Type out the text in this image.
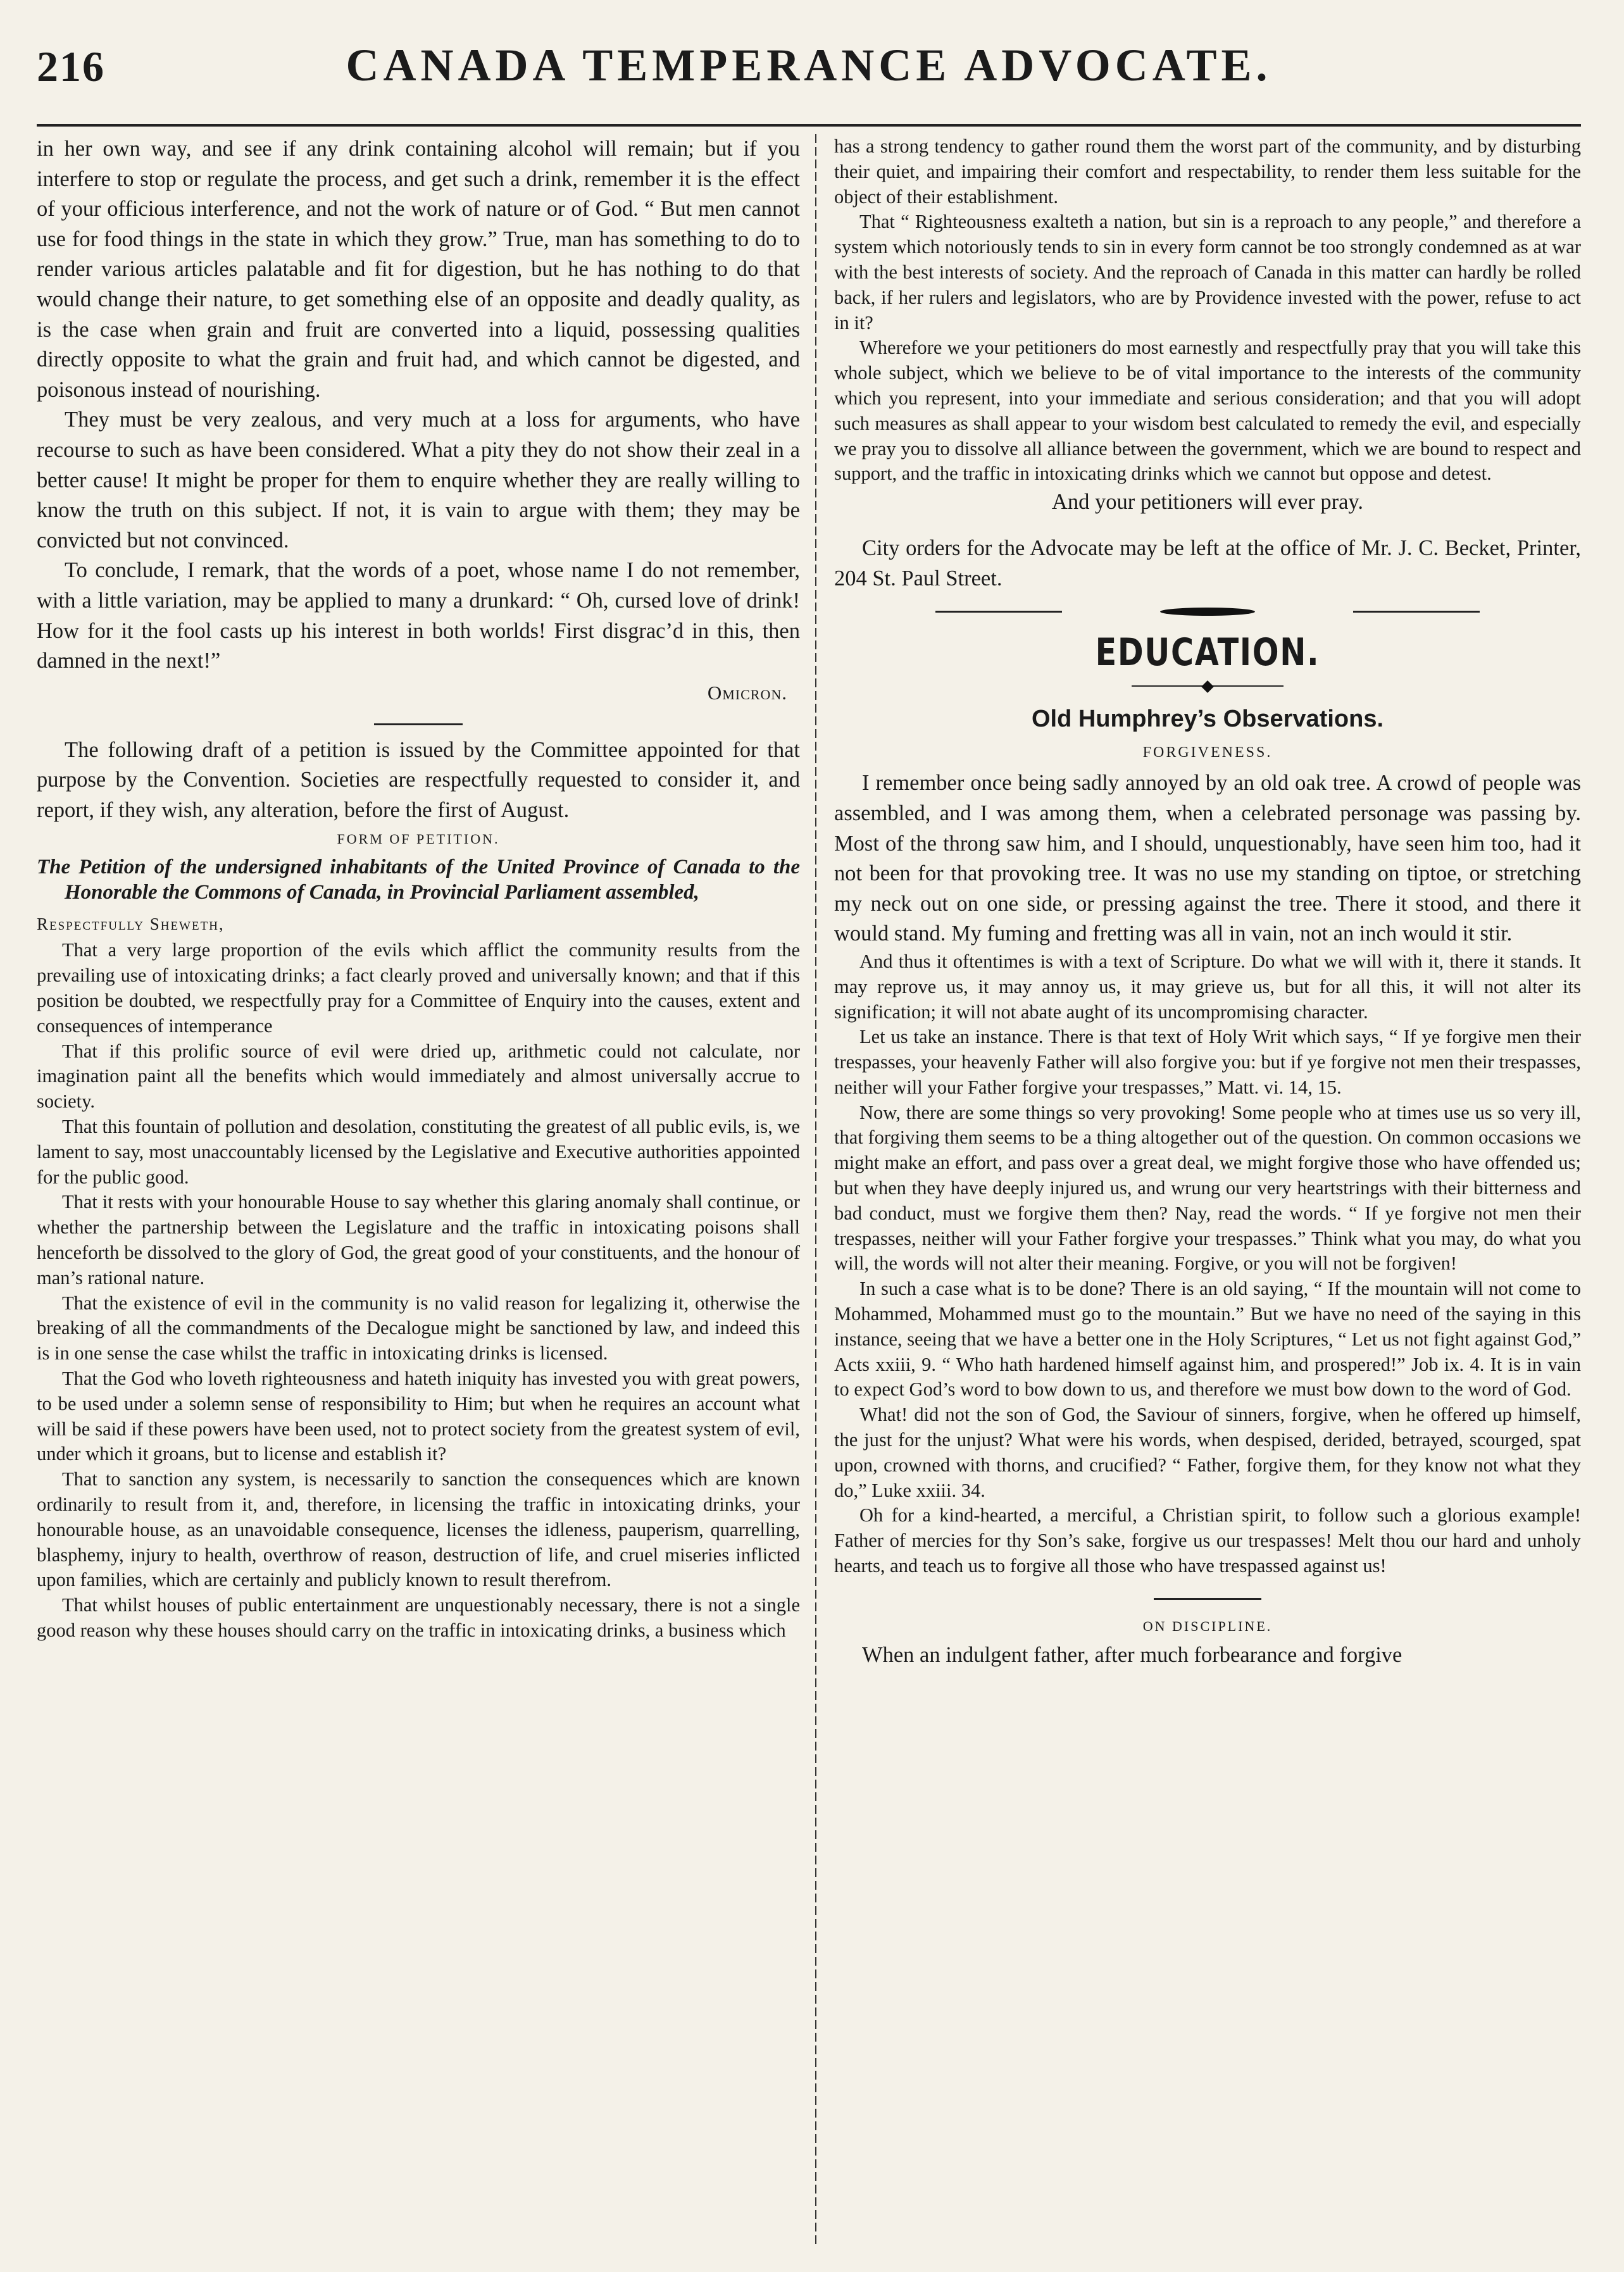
216	CANADA TEMPERANCE ADVOCATE.

in her own way, and see if any drink containing alcohol will remain; but if you interfere to stop or regulate the process, and get such a drink, remember it is the effect of your officious interference, and not the work of nature or of God. “ But men cannot use for food things in the state in which they grow.” True, man has something to do to render various articles palatable and fit for digestion, but he has nothing to do that would change their nature, to get something else of an opposite and deadly quality, as is the case when grain and fruit are converted into a liquid, possessing qualities directly opposite to what the grain and fruit had, and which cannot be digested, and poisonous instead of nourishing.

They must be very zealous, and very much at a loss for arguments, who have recourse to such as have been considered. What a pity they do not show their zeal in a better cause! It might be proper for them to enquire whether they are really willing to know the truth on this subject. If not, it is vain to argue with them; they may be convicted but not convinced.

To conclude, I remark, that the words of a poet, whose name I do not remember, with a little variation, may be applied to many a drunkard: “ Oh, cursed love of drink! How for it the fool casts up his interest in both worlds! First disgrac’d in this, then damned in the next!”

Omicron.

The following draft of a petition is issued by the Committee appointed for that purpose by the Convention. Societies are respectfully requested to consider it, and report, if they wish, any alteration, before the first of August.

FORM OF PETITION.

The Petition of the undersigned inhabitants of the United Province of Canada to the Honorable the Commons of Canada, in Provincial Parliament assembled,

Respectfully Sheweth,

That a very large proportion of the evils which afflict the community results from the prevailing use of intoxicating drinks; a fact clearly proved and universally known; and that if this position be doubted, we respectfully pray for a Committee of Enquiry into the causes, extent and consequences of intemperance

That if this prolific source of evil were dried up, arithmetic could not calculate, nor imagination paint all the benefits which would immediately and almost universally accrue to society.

That this fountain of pollution and desolation, constituting the greatest of all public evils, is, we lament to say, most unaccountably licensed by the Legislative and Executive authorities appointed for the public good.

That it rests with your honourable House to say whether this glaring anomaly shall continue, or whether the partnership between the Legislature and the traffic in intoxicating poisons shall henceforth be dissolved to the glory of God, the great good of your constituents, and the honour of man’s rational nature.

That the existence of evil in the community is no valid reason for legalizing it, otherwise the breaking of all the commandments of the Decalogue might be sanctioned by law, and indeed this is in one sense the case whilst the traffic in intoxicating drinks is licensed.

That the God who loveth righteousness and hateth iniquity has invested you with great powers, to be used under a solemn sense of responsibility to Him; but when he requires an account what will be said if these powers have been used, not to protect society from the greatest system of evil, under which it groans, but to license and establish it?

That to sanction any system, is necessarily to sanction the consequences which are known ordinarily to result from it, and, therefore, in licensing the traffic in intoxicating drinks, your honourable house, as an unavoidable consequence, licenses the idleness, pauperism, quarrelling, blasphemy, injury to health, overthrow of reason, destruction of life, and cruel miseries inflicted upon families, which are certainly and publicly known to result therefrom.

That whilst houses of public entertainment are unquestionably necessary, there is not a single good reason why these houses should carry on the traffic in intoxicating drinks, a business which

has a strong tendency to gather round them the worst part of the community, and by disturbing their quiet, and impairing their comfort and respectability, to render them less suitable for the object of their establishment.

That “ Righteousness exalteth a nation, but sin is a reproach to any people,” and therefore a system which notoriously tends to sin in every form cannot be too strongly condemned as at war with the best interests of society. And the reproach of Canada in this matter can hardly be rolled back, if her rulers and legislators, who are by Providence invested with the power, refuse to act in it?

Wherefore we your petitioners do most earnestly and respectfully pray that you will take this whole subject, which we believe to be of vital importance to the interests of the community which you represent, into your immediate and serious consideration; and that you will adopt such measures as shall appear to your wisdom best calculated to remedy the evil, and especially we pray you to dissolve all alliance between the government, which we are bound to respect and support, and the traffic in intoxicating drinks which we cannot but oppose and detest.

And your petitioners will ever pray.

City orders for the Advocate may be left at the office of Mr. J. C. Becket, Printer, 204 St. Paul Street.

EDUCATION.

Old Humphrey’s Observations.

FORGIVENESS.

I remember once being sadly annoyed by an old oak tree. A crowd of people was assembled, and I was among them, when a celebrated personage was passing by. Most of the throng saw him, and I should, unquestionably, have seen him too, had it not been for that provoking tree. It was no use my standing on tiptoe, or stretching my neck out on one side, or pressing against the tree. There it stood, and there it would stand. My fuming and fretting was all in vain, not an inch would it stir.

And thus it oftentimes is with a text of Scripture. Do what we will with it, there it stands. It may reprove us, it may annoy us, it may grieve us, but for all this, it will not alter its signification; it will not abate aught of its uncompromising character.

Let us take an instance. There is that text of Holy Writ which says, “ If ye forgive men their trespasses, your heavenly Father will also forgive you: but if ye forgive not men their trespasses, neither will your Father forgive your trespasses,” Matt. vi. 14, 15.

Now, there are some things so very provoking! Some people who at times use us so very ill, that forgiving them seems to be a thing altogether out of the question. On common occasions we might make an effort, and pass over a great deal, we might forgive those who have offended us; but when they have deeply injured us, and wrung our very heartstrings with their bitterness and bad conduct, must we forgive them then? Nay, read the words. “ If ye forgive not men their trespasses, neither will your Father forgive your trespasses.” Think what you may, do what you will, the words will not alter their meaning. Forgive, or you will not be forgiven!

In such a case what is to be done? There is an old saying, “ If the mountain will not come to Mohammed, Mohammed must go to the mountain.” But we have no need of the saying in this instance, seeing that we have a better one in the Holy Scriptures, “ Let us not fight against God,” Acts xxiii, 9. “ Who hath hardened himself against him, and prospered!” Job ix. 4. It is in vain to expect God’s word to bow down to us, and therefore we must bow down to the word of God.

What! did not the son of God, the Saviour of sinners, forgive, when he offered up himself, the just for the unjust? What were his words, when despised, derided, betrayed, scourged, spat upon, crowned with thorns, and crucified? “ Father, forgive them, for they know not what they do,” Luke xxiii. 34.

Oh for a kind-hearted, a merciful, a Christian spirit, to follow such a glorious example! Father of mercies for thy Son’s sake, forgive us our trespasses! Melt thou our hard and unholy hearts, and teach us to forgive all those who have trespassed against us!

ON DISCIPLINE.

When an indulgent father, after much forbearance and forgive
